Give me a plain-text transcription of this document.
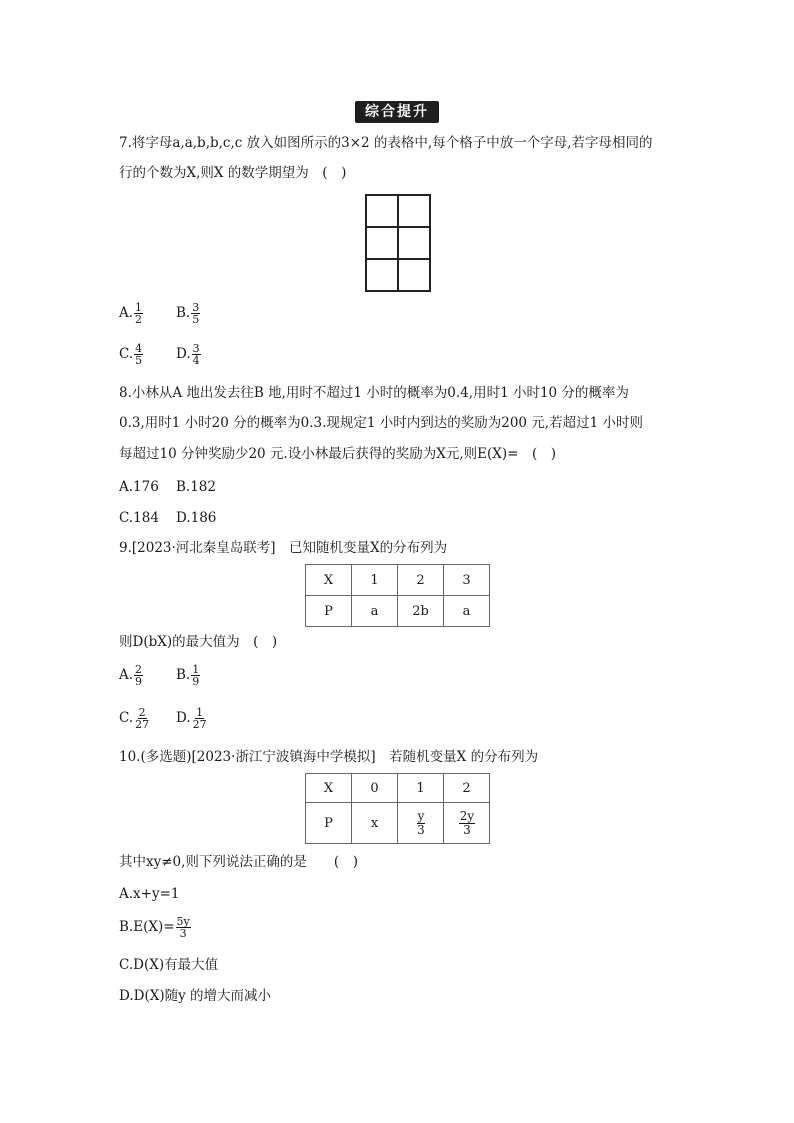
综合提升
7.将字母a,a,b,b,c,c 放入如图所示的3×2 的表格中,每个格子中放一个字母,若字母相同的
行的个数为X,则X 的数学期望为　(　)

A. $\frac{1}{2} B$. $\frac{3}{5}$
C. $\frac{4}{5} D$. $\frac{3}{4}$
8.小林从A 地出发去往B 地,用时不超过1 小时的概率为0.4,用时1 小时10 分的概率为
0.3,用时1 小时20 分的概率为0.3.现规定1 小时内到达的奖励为200 元,若超过1 小时则
每超过10 分钟奖励少20 元.设小林最后获得的奖励为X元,则E(X)=　(　)
A.176 B.182
C.184 D.186
9.[2023·河北秦皇岛联考]　已知随机变量X的分布列为
X	1	2	3
P	a	2b	a
则D(bX)的最大值为　(　)
A. $\frac{2}{9} B$. $\frac{1}{9}$
C. $\frac{2}{27} D$. $\frac{1}{27}$
10.(多选题)[2023·浙江宁波镇海中学模拟]　若随机变量X 的分布列为
X	0	1	2
P	x	$\frac{y}{3}$	$\frac{2y}{3}$
其中xy≠0,则下列说法正确的是　　(　)
A.x+y=1
$B.E(X)= \frac{5y}{3}$
C.D(X)有最大值
D.D(X)随y 的增大而减小
